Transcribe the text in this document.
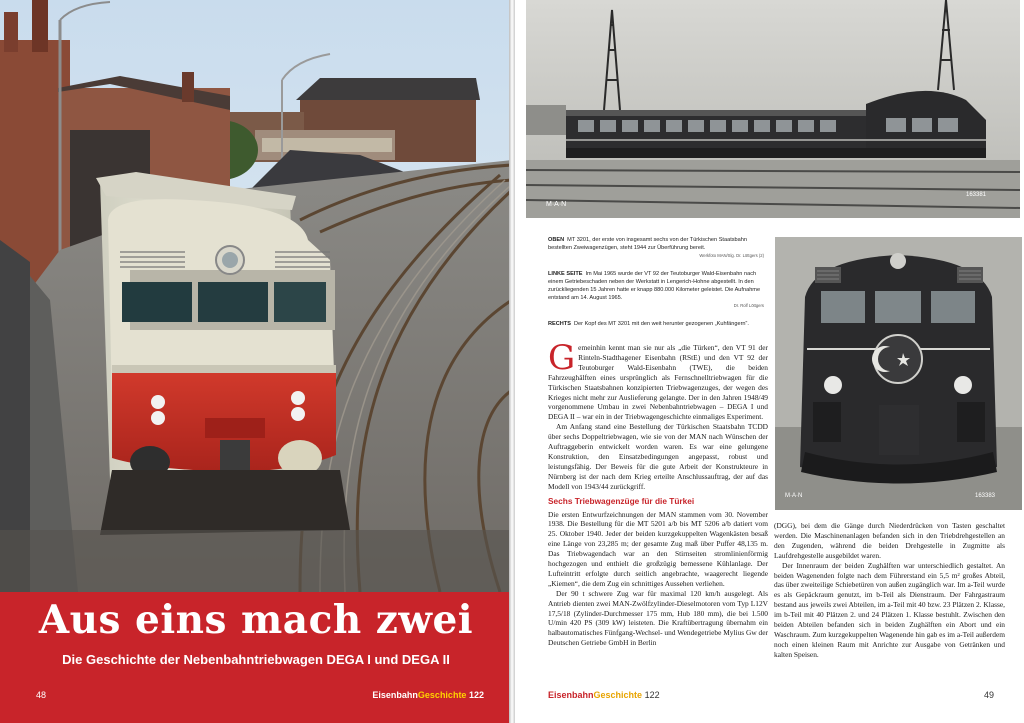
Aus eins mach zwei
Die Geschichte der Nebenbahntriebwagen DEGA I und DEGA II
48	EisenbahnGeschichte 122
M·A·N
163381

OBEN MT 3201, der erste von insgesamt sechs von der Türkischen Staatsbahn bestellten Zweiwagenzügen, steht 1944 zur Überführung bereit.
Werkfoto MAN/Slg. Dr. Löttgers (2)

LINKE SEITE Im Mai 1965 wurde der VT 92 der Teutoburger Wald-Eisenbahn nach einem Getriebeschaden neben der Werkstatt in Lengerich-Hohne abgestellt. In den zurückliegenden 15 Jahren hatte er knapp 880.000 Kilometer geleistet. Die Aufnahme entstand am 14. August 1965.
Dr. Rolf Löttgers

RECHTS Der Kopf des MT 3201 mit den weit herunter gezogenen „Kuhfängern“.

M·A·N	163383

Gemeinhin kennt man sie nur als „die Türken“, den VT 91 der Rinteln-Stadthagener Eisenbahn (RStE) und den VT 92 der Teutoburger Wald-Eisenbahn (TWE), die beiden Fahrzeughälften eines ursprünglich als Fernschnelltriebwagen für die Türkischen Staatsbahnen konzipierten Triebwagenzuges, der wegen des Krieges nicht mehr zur Auslieferung gelangte. Der in den Jahren 1948/49 vorgenommene Umbau in zwei Nebenbahntriebwagen – DEGA I und DEGA II – war ein in der Triebwagengeschichte einmaliges Experiment.

Am Anfang stand eine Bestellung der Türkischen Staatsbahn TCDD über sechs Doppeltriebwagen, wie sie von der MAN nach Wünschen der Auftraggeberin entwickelt worden waren. Es war eine gelungene Konstruktion, den Einsatzbedingungen angepasst, robust und leistungsfähig. Der Beweis für die gute Arbeit der Konstrukteure in Nürnberg ist der nach dem Krieg erteilte Anschlussauftrag, der auf das Modell von 1943/44 zurückgriff.

Sechs Triebwagenzüge für die Türkei

Die ersten Entwurfzeichnungen der MAN stammen vom 30. November 1938. Die Bestellung für die MT 5201 a/b bis MT 5206 a/b datiert vom 25. Oktober 1940. Jeder der beiden kurzgekuppelten Wagenkästen besaß eine Länge von 23,285 m; der gesamte Zug maß über Puffer 48,135 m. Das Triebwagendach war an den Stirnseiten stromlinienförmig hochgezogen und enthielt die großzügig bemessene Kühlanlage. Der Lufteintritt erfolgte durch seitlich angebrachte, waagerecht liegende „Kiemen“, die dem Zug ein schnittiges Aussehen verliehen.

Der 90 t schwere Zug war für maximal 120 km/h ausgelegt. Als Antrieb dienten zwei MAN-Zwölfzylinder-Dieselmotoren vom Typ L12V 17,5/18 (Zylinder-Durchmesser 175 mm, Hub 180 mm), die bei 1.500 U/min 420 PS (309 kW) leisteten. Die Kraftübertragung übernahm ein halbautomatisches Fünfgang-Wechsel- und Wendegetriebe Mylius Gw der Deutschen Getriebe GmbH in Berlin

(DGG), bei dem die Gänge durch Niederdrücken von Tasten geschaltet werden. Die Maschinenanlagen befanden sich in den Triebdrehgestellen an den Zugenden, während die beiden Drehgestelle in Zugmitte als Laufdrehgestelle ausgebildet waren.

Der Innenraum der beiden Zughälften war unterschiedlich gestaltet. An beiden Wagenenden folgte nach dem Führerstand ein 5,5 m² großes Abteil, das über zweiteilige Schiebetüren von außen zugänglich war. Im a-Teil wurde es als Gepäckraum genutzt, im b-Teil als Dienstraum. Der Fahrgastraum bestand aus jeweils zwei Abteilen, im a-Teil mit 40 bzw. 23 Plätzen 2. Klasse, im b-Teil mit 40 Plätzen 2. und 24 Plätzen 1. Klasse bestuhlt. Zwischen den beiden Abteilen befanden sich in beiden Zughälften ein Abort und ein Waschraum. Zum kurzgekuppelten Wagenende hin gab es im a-Teil außerdem noch einen kleinen Raum mit Anrichte zur Ausgabe von Getränken und kalten Speisen.

EisenbahnGeschichte 122	49
